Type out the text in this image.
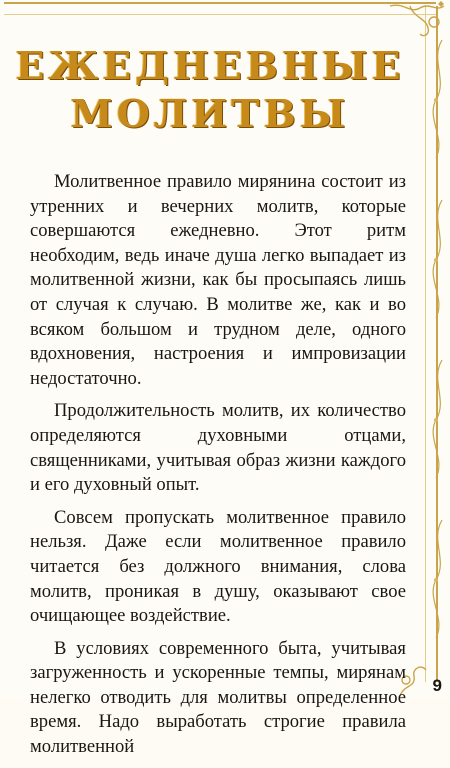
ЕЖЕДНЕВНЫЕ
МОЛИТВЫ

Молитвенное правило мирянина состоит из утренних и вечерних молитв, которые совершаются ежедневно. Этот ритм необходим, ведь иначе душа легко выпадает из молитвенной жизни, как бы просыпаясь лишь от случая к случаю. В молитве же, как и во всяком большом и трудном деле, одного вдохновения, настроения и импровизации недостаточно.

Продолжительность молитв, их количество определяются духовными отцами, священниками, учитывая образ жизни каждого и его духовный опыт.

Совсем пропускать молитвенное правило нельзя. Даже если молитвенное правило читается без должного внимания, слова молитв, проникая в душу, оказывают свое очищающее воздействие.

В условиях современного быта, учитывая загруженность и ускоренные темпы, мирянам нелегко отводить для молитвы определенное время. Надо выработать строгие правила молитвенной

9
